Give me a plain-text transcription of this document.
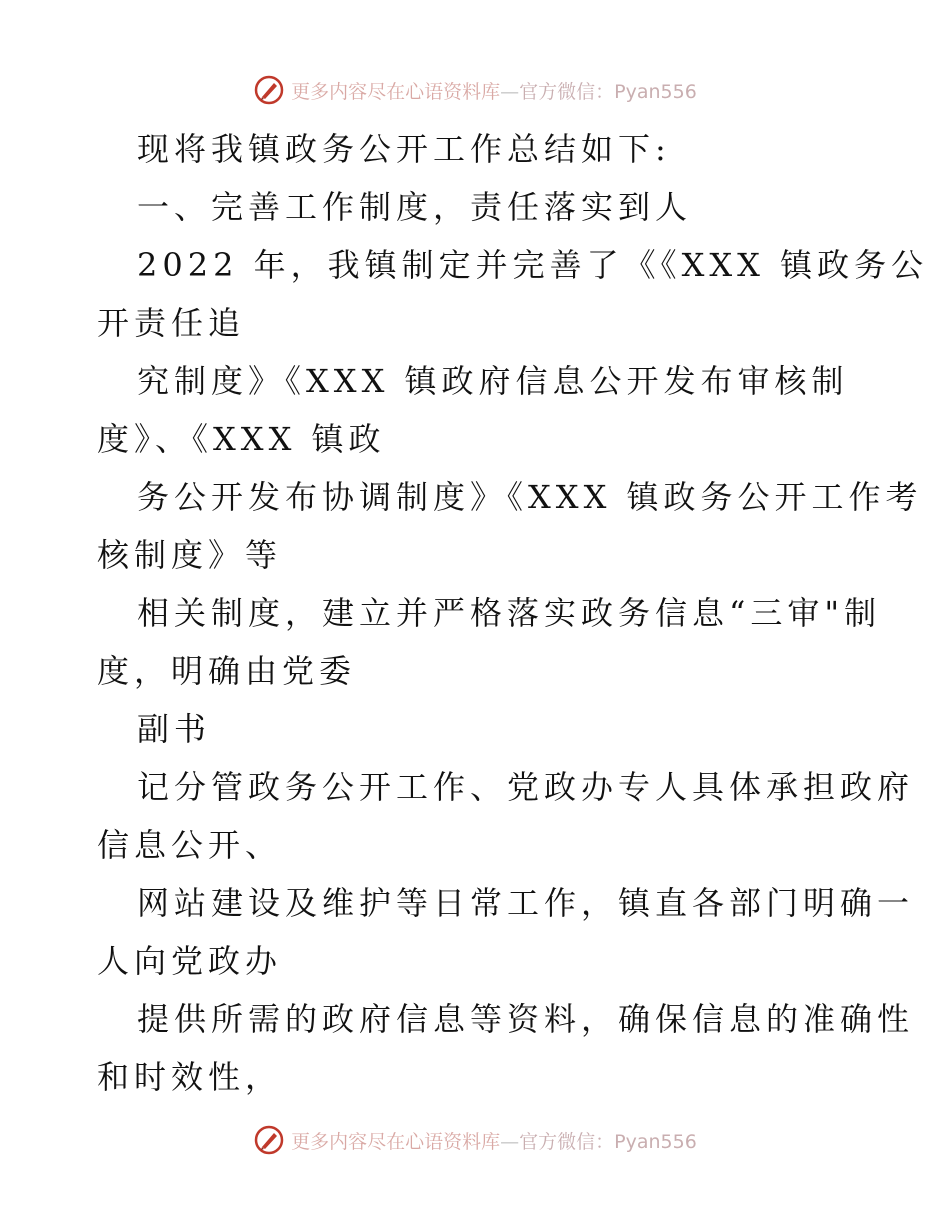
更多内容尽在心语资料库—官方微信：Pyan556
现将我镇政务公开工作总结如下:
一、完善工作制度，责任落实到人
2022 年，我镇制定并完善了《《XXX 镇政务公
开责任追
究制度》《XXX 镇政府信息公开发布审核制
度》、《XXX 镇政
务公开发布协调制度》《XXX 镇政务公开工作考
核制度》等
相关制度，建立并严格落实政务信息“三审"制
度，明确由党委
副书
记分管政务公开工作、党政办专人具体承担政府
信息公开、
网站建设及维护等日常工作，镇直各部门明确一
人向党政办
提供所需的政府信息等资料，确保信息的准确性
和时效性，
更多内容尽在心语资料库—官方微信：Pyan556
